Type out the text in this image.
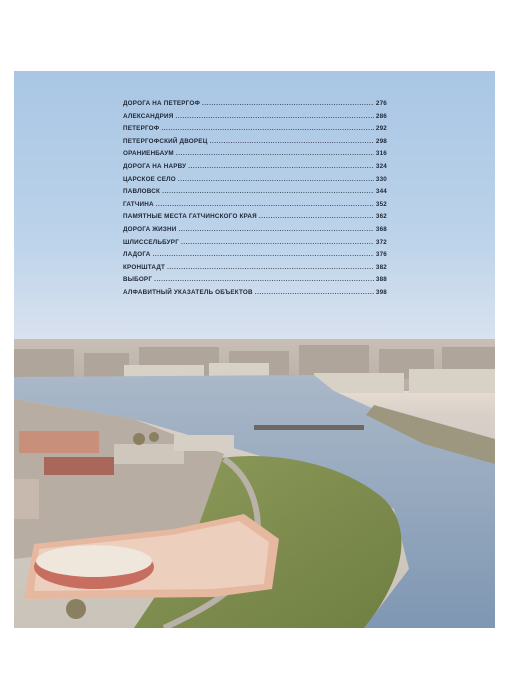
ДОРОГА НА ПЕТЕРГОФ .....	276
АЛЕКСАНДРИЯ .....	286
ПЕТЕРГОФ .....	292
ПЕТЕРГОФСКИЙ ДВОРЕЦ .....	298
ОРАНИЕНБАУМ .....	316
ДОРОГА НА НАРВУ .....	324
ЦАРСКОЕ СЕЛО .....	330
ПАВЛОВСК .....	344
ГАТЧИНА .....	352
ПАМЯТНЫЕ МЕСТА ГАТЧИНСКОГО КРАЯ .....	362
ДОРОГА ЖИЗНИ .....	368
ШЛИССЕЛЬБУРГ .....	372
ЛАДОГА .....	376
КРОНШТАДТ .....	382
ВЫБОРГ .....	388
АЛФАВИТНЫЙ УКАЗАТЕЛЬ ОБЪЕКТОВ .....	398
